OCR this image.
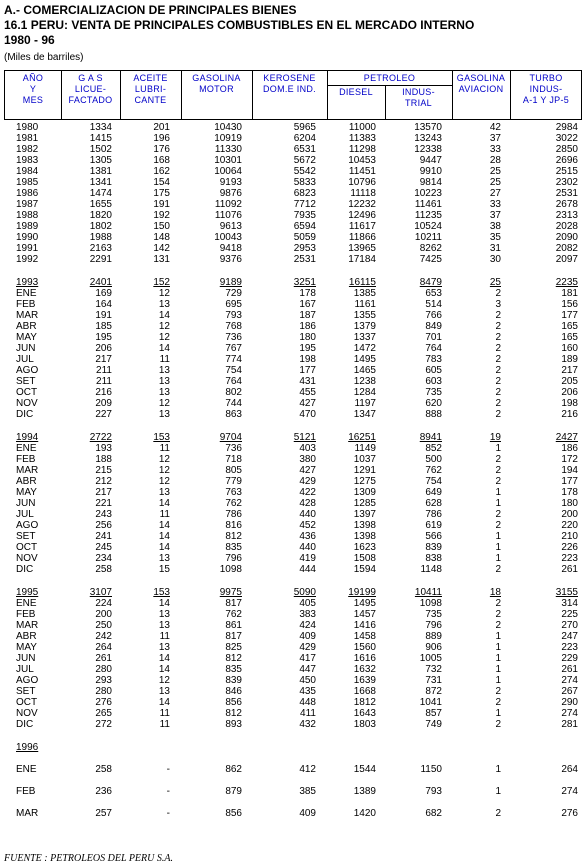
A.- COMERCIALIZACION DE PRINCIPALES BIENES
16.1 PERU: VENTA DE PRINCIPALES COMBUSTIBLES EN EL MERCADO INTERNO
1980 - 96
(Miles de barriles)
AÑO
Y
MES
G A S
LICUE-
FACTADO
ACEITE
LUBRI-
CANTE
GASOLINA
MOTOR
KEROSENE
DOM.E IND.
PETROLEO
DIESEL	INDUS-
TRIAL
GASOLINA
AVIACION
TURBO
INDUS-
A-1 Y JP-5
1980	1334	201	10430	5965	11000	13570	42	2984
1981	1415	196	10919	6204	11383	13243	37	3022
1982	1502	176	11330	6531	11298	12338	33	2850
1983	1305	168	10301	5672	10453	9447	28	2696
1984	1381	162	10064	5542	11451	9910	25	2515
1985	1341	154	9193	5833	10796	9814	25	2302
1986	1474	175	9876	6823	11118	10223	27	2531
1987	1655	191	11092	7712	12232	11461	33	2678
1988	1820	192	11076	7935	12496	11235	37	2313
1989	1802	150	9613	6594	11617	10524	38	2028
1990	1988	148	10043	5059	11866	10211	35	2090
1991	2163	142	9418	2953	13965	8262	31	2082
1992	2291	131	9376	2531	17184	7425	30	2097
1993	2401	152	9189	3251	16115	8479	25	2235
ENE	169	12	729	178	1385	653	2	181
FEB	164	13	695	167	1161	514	3	156
MAR	191	14	793	187	1355	766	2	177
ABR	185	12	768	186	1379	849	2	165
MAY	195	12	736	180	1337	701	2	165
JUN	206	14	767	195	1472	764	2	160
JUL	217	11	774	198	1495	783	2	189
AGO	211	13	754	177	1465	605	2	217
SET	211	13	764	431	1238	603	2	205
OCT	216	13	802	455	1284	735	2	206
NOV	209	12	744	427	1197	620	2	198
DIC	227	13	863	470	1347	888	2	216
1994	2722	153	9704	5121	16251	8941	19	2427
ENE	193	11	736	403	1149	852	1	186
FEB	188	12	718	380	1037	500	2	172
MAR	215	12	805	427	1291	762	2	194
ABR	212	12	779	429	1275	754	2	177
MAY	217	13	763	422	1309	649	1	178
JUN	221	14	762	428	1285	628	1	180
JUL	243	11	786	440	1397	786	2	200
AGO	256	14	816	452	1398	619	2	220
SET	241	14	812	436	1398	566	1	210
OCT	245	14	835	440	1623	839	1	226
NOV	234	13	796	419	1508	838	1	223
DIC	258	15	1098	444	1594	1148	2	261
1995	3107	153	9975	5090	19199	10411	18	3155
ENE	224	14	817	405	1495	1098	2	314
FEB	200	13	762	383	1457	735	2	225
MAR	250	13	861	424	1416	796	2	270
ABR	242	11	817	409	1458	889	1	247
MAY	264	13	825	429	1560	906	1	223
JUN	261	14	812	417	1616	1005	1	229
JUL	280	14	835	447	1632	732	1	261
AGO	293	12	839	450	1639	731	1	274
SET	280	13	846	435	1668	872	2	267
OCT	276	14	856	448	1812	1041	2	290
NOV	265	11	812	411	1643	857	1	274
DIC	272	11	893	432	1803	749	2	281
1996
ENE	258	-	862	412	1544	1150	1	264
FEB	236	-	879	385	1389	793	1	274
MAR	257	-	856	409	1420	682	2	276
FUENTE : PETROLEOS DEL PERU S.A.
